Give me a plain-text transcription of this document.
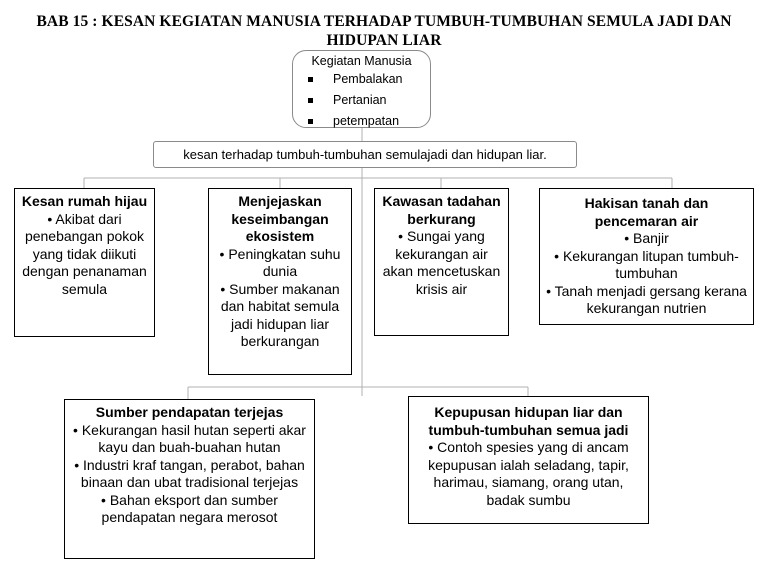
BAB 15 : KESAN KEGIATAN MANUSIA TERHADAP TUMBUH-TUMBUHAN SEMULA JADI DAN HIDUPAN LIAR
Kegiatan Manusia
Pembalakan
Pertanian
petempatan
kesan terhadap tumbuh-tumbuhan semulajadi dan hidupan liar.
Kesan rumah hijau
• Akibat dari penebangan pokok yang tidak diikuti dengan penanaman semula
Menjejaskan keseimbangan ekosistem
• Peningkatan suhu dunia
• Sumber makanan dan habitat semula jadi hidupan liar berkurangan
Kawasan tadahan berkurang
• Sungai yang kekurangan air akan mencetuskan krisis air
Hakisan tanah dan pencemaran air
• Banjir
• Kekurangan litupan tumbuh-tumbuhan
• Tanah menjadi gersang kerana kekurangan nutrien
Sumber pendapatan terjejas
• Kekurangan hasil hutan seperti akar kayu dan buah-buahan hutan
• Industri kraf tangan, perabot, bahan binaan dan ubat tradisional terjejas
• Bahan eksport dan sumber pendapatan negara merosot
Kepupusan hidupan liar dan tumbuh-tumbuhan semua jadi
• Contoh spesies yang di ancam kepupusan ialah seladang, tapir, harimau, siamang, orang utan, badak sumbu
